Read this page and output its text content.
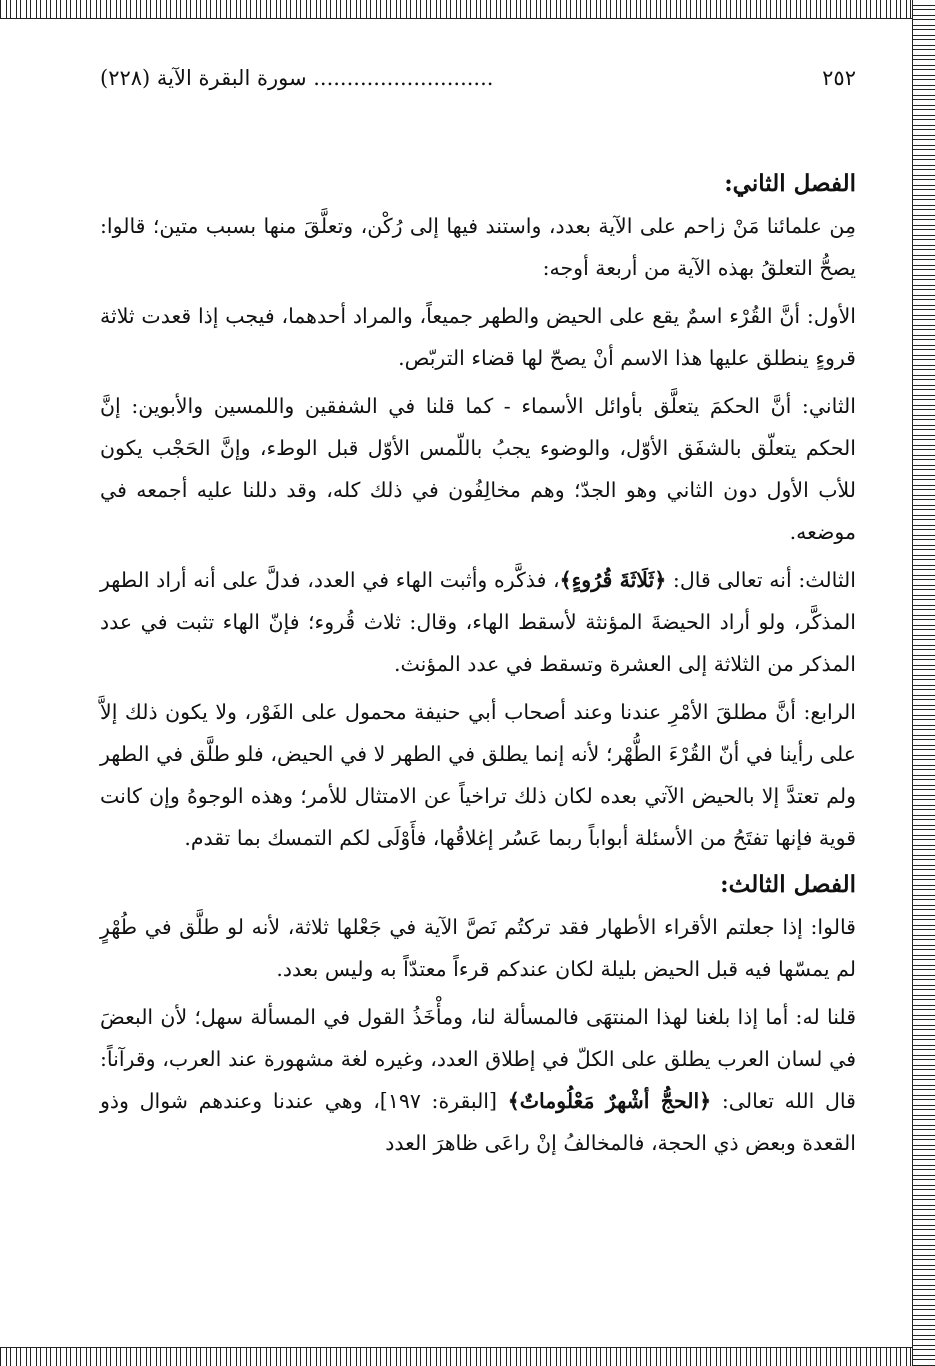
٢٥٢
........................... سورة البقرة الآية (٢٢٨)
الفصل الثاني:

مِن علمائنا مَنْ زاحم على الآية بعدد، واستند فيها إلى رُكْن، وتعلَّقَ منها بسبب متين؛ قالوا: يصحُّ التعلقُ بهذه الآية من أربعة أوجه:

الأول: أنَّ القُرْء اسمٌ يقع على الحيض والطهر جميعاً، والمراد أحدهما، فيجب إذا قعدت ثلاثة قروءٍ ينطلق عليها هذا الاسم أنْ يصحّ لها قضاء التربّص.

الثاني: أنَّ الحكمَ يتعلَّق بأوائل الأسماء - كما قلنا في الشفقين واللمسين والأبوين: إنَّ الحكم يتعلّق بالشفَق الأوّل، والوضوء يجبُ باللّمس الأوّل قبل الوطء، وإنَّ الحَجْب يكون للأب الأول دون الثاني وهو الجدّ؛ وهم مخالِفُون في ذلك كله، وقد دللنا عليه أجمعه في موضعه.

الثالث: أنه تعالى قال: ﴿ثَلَاثَةَ قُرُوءٍ﴾، فذكَّره وأثبت الهاء في العدد، فدلَّ على أنه أراد الطهر المذكَّر، ولو أراد الحيضةَ المؤنثة لأسقط الهاء، وقال: ثلاث قُروء؛ فإنّ الهاء تثبت في عدد المذكر من الثلاثة إلى العشرة وتسقط في عدد المؤنث.

الرابع: أنَّ مطلقَ الأمْرِ عندنا وعند أصحاب أبي حنيفة محمول على الفَوْر، ولا يكون ذلك إلاَّ على رأينا في أنّ القُرْءَ الطُّهْر؛ لأنه إنما يطلق في الطهر لا في الحيض، فلو طلَّق في الطهر ولم تعتدَّ إلا بالحيض الآتي بعده لكان ذلك تراخياً عن الامتثال للأمر؛ وهذه الوجوهُ وإن كانت قوية فإنها تفتَحُ من الأسئلة أبواباً ربما عَسُر إغلاقُها، فأَوْلَى لكم التمسك بما تقدم.

الفصل الثالث:

قالوا: إذا جعلتم الأقراء الأطهار فقد تركتُم نَصَّ الآية في جَعْلها ثلاثة، لأنه لو طلَّق في طُهْرٍ لم يمسّها فيه قبل الحيض بليلة لكان عندكم قرءاً معتدّاً به وليس بعدد.

قلنا له: أما إذا بلغنا لهذا المنتهَى فالمسألة لنا، ومأْخَذُ القول في المسألة سهل؛ لأن البعضَ في لسان العرب يطلق على الكلّ في إطلاق العدد، وغيره لغة مشهورة عند العرب، وقرآناً: قال الله تعالى: ﴿الحجُّ أشْهرٌ مَعْلُوماتٌ﴾ [البقرة: ١٩٧]، وهي عندنا وعندهم شوال وذو القعدة وبعض ذي الحجة، فالمخالفُ إنْ راعَى ظاهرَ العدد
